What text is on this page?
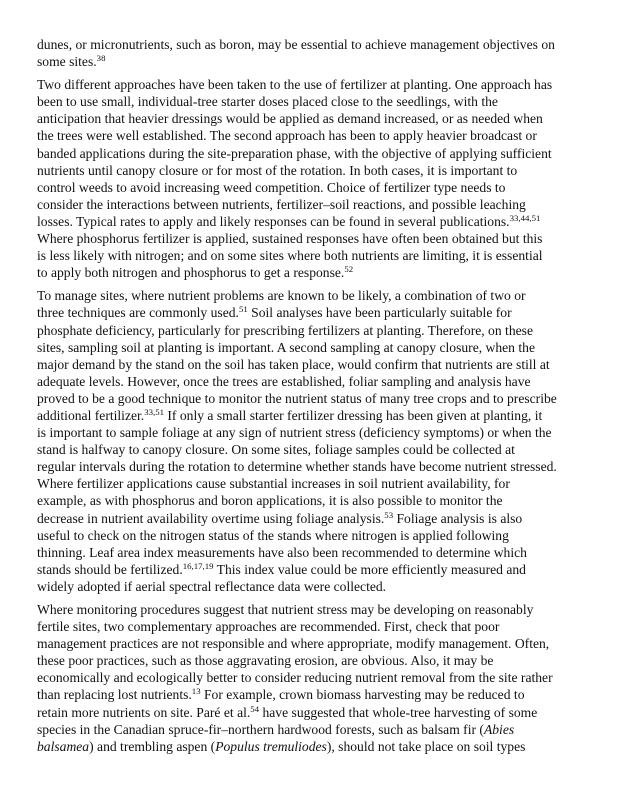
dunes, or micronutrients, such as boron, may be essential to achieve management objectives on
some sites.$^{38}$

Two different approaches have been taken to the use of fertilizer at planting. One approach has
been to use small, individual-tree starter doses placed close to the seedlings, with the
anticipation that heavier dressings would be applied as demand increased, or as needed when
the trees were well established. The second approach has been to apply heavier broadcast or
banded applications during the site-preparation phase, with the objective of applying sufficient
nutrients until canopy closure or for most of the rotation. In both cases, it is important to
control weeds to avoid increasing weed competition. Choice of fertilizer type needs to
consider the interactions between nutrients, fertilizer–soil reactions, and possible leaching
losses. Typical rates to apply and likely responses can be found in several publications.$^{33,44,51}$
Where phosphorus fertilizer is applied, sustained responses have often been obtained but this
is less likely with nitrogen; and on some sites where both nutrients are limiting, it is essential
to apply both nitrogen and phosphorus to get a response.$^{52}$

To manage sites, where nutrient problems are known to be likely, a combination of two or
three techniques are commonly used.$^{51}$ Soil analyses have been particularly suitable for
phosphate deficiency, particularly for prescribing fertilizers at planting. Therefore, on these
sites, sampling soil at planting is important. A second sampling at canopy closure, when the
major demand by the stand on the soil has taken place, would confirm that nutrients are still at
adequate levels. However, once the trees are established, foliar sampling and analysis have
proved to be a good technique to monitor the nutrient status of many tree crops and to prescribe
additional fertilizer.$^{33,51}$ If only a small starter fertilizer dressing has been given at planting, it
is important to sample foliage at any sign of nutrient stress (deficiency symptoms) or when the
stand is halfway to canopy closure. On some sites, foliage samples could be collected at
regular intervals during the rotation to determine whether stands have become nutrient stressed.
Where fertilizer applications cause substantial increases in soil nutrient availability, for
example, as with phosphorus and boron applications, it is also possible to monitor the
decrease in nutrient availability overtime using foliage analysis.$^{53}$ Foliage analysis is also
useful to check on the nitrogen status of the stands where nitrogen is applied following
thinning. Leaf area index measurements have also been recommended to determine which
stands should be fertilized.$^{16,17,19}$ This index value could be more efficiently measured and
widely adopted if aerial spectral reflectance data were collected.

Where monitoring procedures suggest that nutrient stress may be developing on reasonably
fertile sites, two complementary approaches are recommended. First, check that poor
management practices are not responsible and where appropriate, modify management. Often,
these poor practices, such as those aggravating erosion, are obvious. Also, it may be
economically and ecologically better to consider reducing nutrient removal from the site rather
than replacing lost nutrients.$^{13}$ For example, crown biomass harvesting may be reduced to
retain more nutrients on site. Paré et al.$^{54}$ have suggested that whole-tree harvesting of some
species in the Canadian spruce-fir–northern hardwood forests, such as balsam fir (Abies
balsamea) and trembling aspen (Populus tremuliodes), should not take place on soil types
